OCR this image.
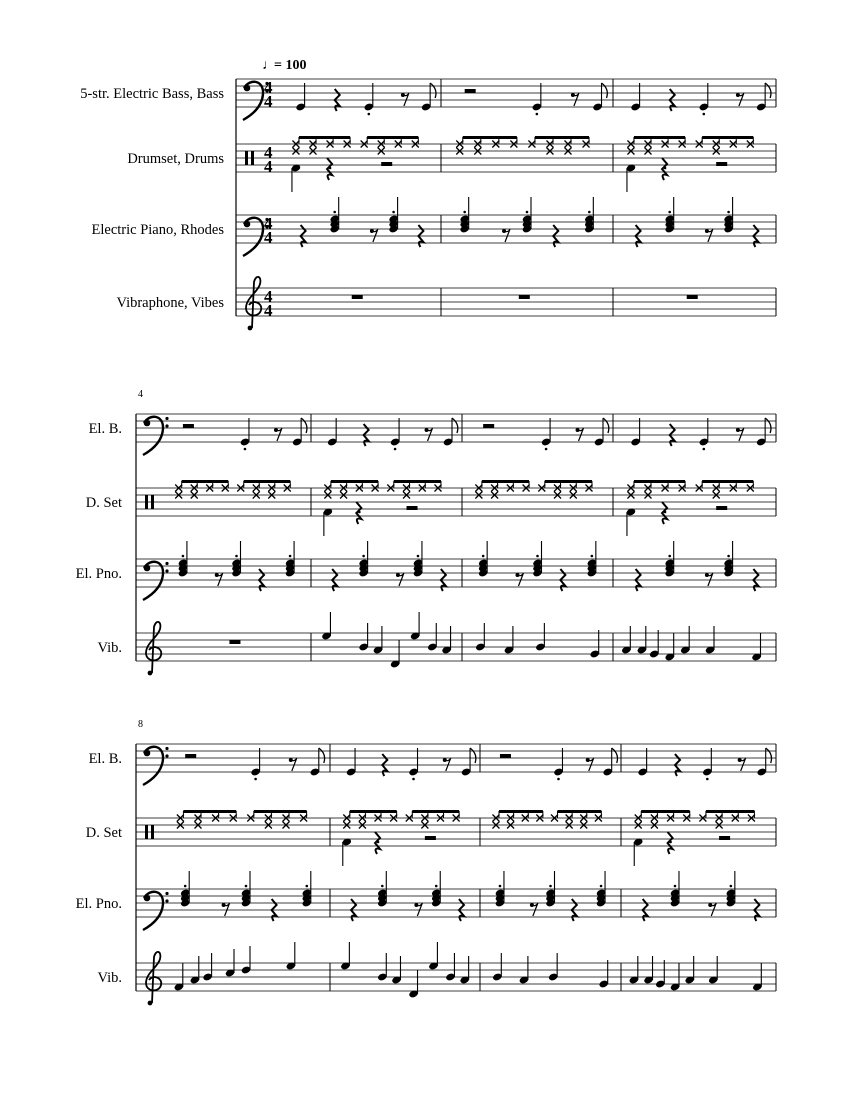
♩
= 100
5-str. Electric Bass, Bass 4
4
Drumset, Drums 4
4
Electric Piano, Rhodes 4
4
Vibraphone, Vibes 4
4
4
El. B.
D. Set
El. Pno.
Vib.
8
El. B.
D. Set
El. Pno.
Vib.
